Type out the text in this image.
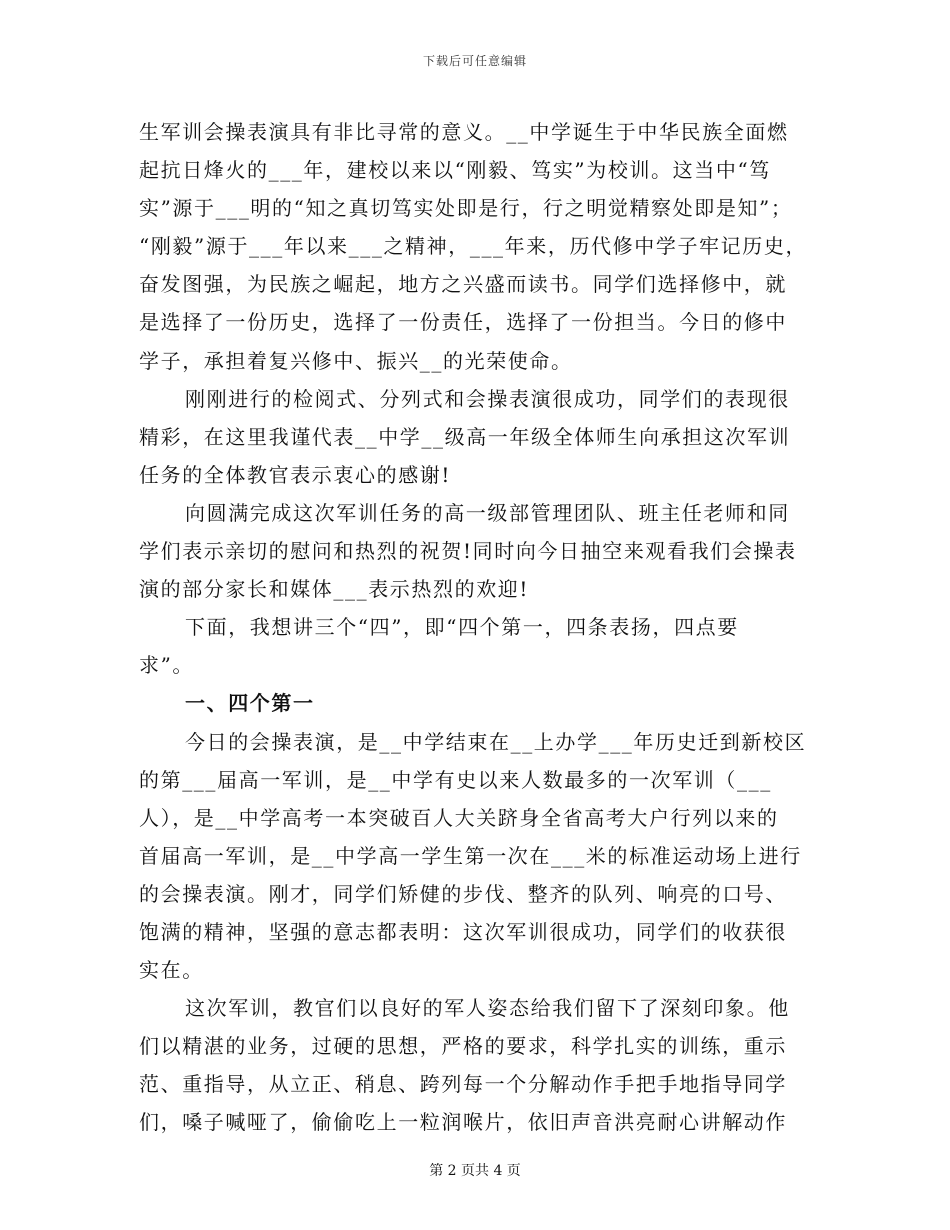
下载后可任意编辑
生军训会操表演具有非比寻常的意义。__中学诞生于中华民族全面燃
起抗日烽火的___年，建校以来以“刚毅、笃实”为校训。这当中“笃
实”源于___明的“知之真切笃实处即是行，行之明觉精察处即是知”；
“刚毅”源于___年以来___之精神，___年来，历代修中学子牢记历史，
奋发图强，为民族之崛起，地方之兴盛而读书。同学们选择修中，就
是选择了一份历史，选择了一份责任，选择了一份担当。今日的修中
学子，承担着复兴修中、振兴__的光荣使命。
刚刚进行的检阅式、分列式和会操表演很成功，同学们的表现很
精彩，在这里我谨代表__中学__级高一年级全体师生向承担这次军训
任务的全体教官表示衷心的感谢!
向圆满完成这次军训任务的高一级部管理团队、班主任老师和同
学们表示亲切的慰问和热烈的祝贺!同时向今日抽空来观看我们会操表
演的部分家长和媒体___表示热烈的欢迎!
下面，我想讲三个“四”，即“四个第一，四条表扬，四点要
求”。
一、四个第一
今日的会操表演，是__中学结束在__上办学___年历史迁到新校区
的第___届高一军训，是__中学有史以来人数最多的一次军训（___
人），是__中学高考一本突破百人大关跻身全省高考大户行列以来的
首届高一军训，是__中学高一学生第一次在___米的标准运动场上进行
的会操表演。刚才，同学们矫健的步伐、整齐的队列、响亮的口号、
饱满的精神，坚强的意志都表明：这次军训很成功，同学们的收获很
实在。
这次军训，教官们以良好的军人姿态给我们留下了深刻印象。他
们以精湛的业务，过硬的思想，严格的要求，科学扎实的训练，重示
范、重指导，从立正、稍息、跨列每一个分解动作手把手地指导同学
们，嗓子喊哑了，偷偷吃上一粒润喉片，依旧声音洪亮耐心讲解动作
第 2 页共 4 页
